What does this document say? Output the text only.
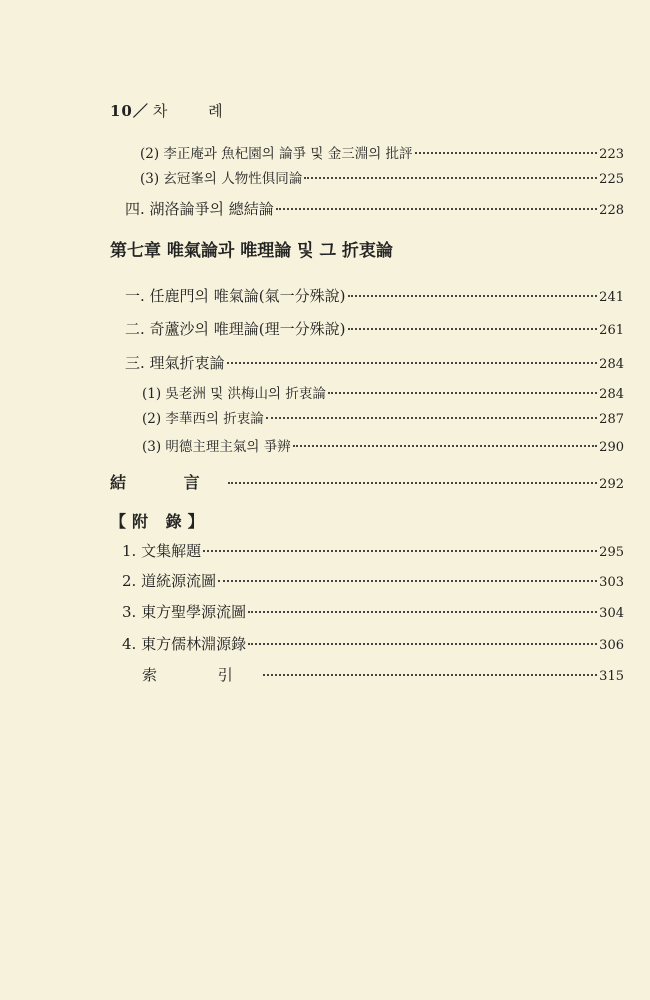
10／ 차 례
(2) 李正庵과 魚杞園의 論爭 및 金三淵의 批評	223
(3) 玄冠峯의 人物性俱同論	225
四. 湖洛論爭의 總結論	228
第七章 唯氣論과 唯理論 및 그 折衷論
一. 任鹿門의 唯氣論(氣一分殊說)	241
二. 奇蘆沙의 唯理論(理一分殊說)	261
三. 理氣折衷論	284
(1) 吳老洲 및 洪梅山의 折衷論	284
(2) 李華西의 折衷論	287
(3) 明德主理主氣의 爭辨	290
結 言	292
【附 錄】
1. 文集解題	295
2. 道統源流圖	303
3. 東方聖學源流圖	304
4. 東方儒林淵源錄	306
索 引	315
